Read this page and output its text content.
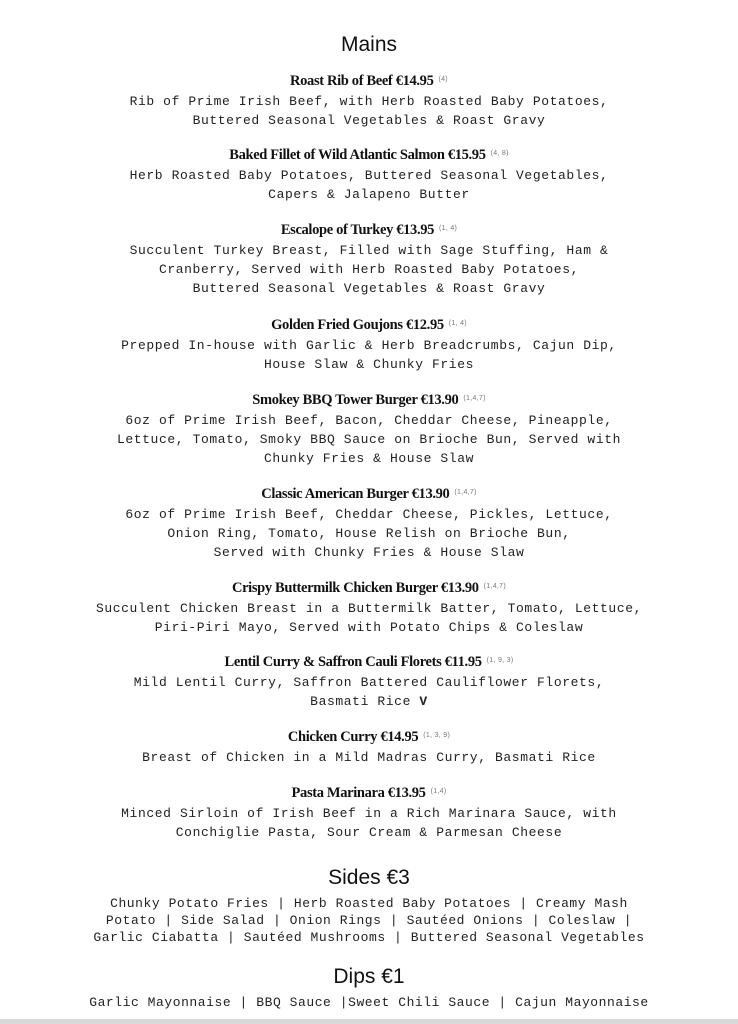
Mains
Roast Rib of Beef €14.95 $^{(4)}$
Rib of Prime Irish Beef, with Herb Roasted Baby Potatoes,
Buttered Seasonal Vegetables & Roast Gravy
Baked Fillet of Wild Atlantic Salmon €15.95 $^{(4, 8)}$
Herb Roasted Baby Potatoes, Buttered Seasonal Vegetables,
Capers & Jalapeno Butter
Escalope of Turkey €13.95 $^{(1, 4)}$
Succulent Turkey Breast, Filled with Sage Stuffing, Ham &
Cranberry, Served with Herb Roasted Baby Potatoes,
Buttered Seasonal Vegetables & Roast Gravy
Golden Fried Goujons €12.95 $^{(1, 4)}$
Prepped In-house with Garlic & Herb Breadcrumbs, Cajun Dip,
House Slaw & Chunky Fries
Smokey BBQ Tower Burger €13.90 $^{(1,4,7)}$
6oz of Prime Irish Beef, Bacon, Cheddar Cheese, Pineapple,
Lettuce, Tomato, Smoky BBQ Sauce on Brioche Bun, Served with
Chunky Fries & House Slaw
Classic American Burger €13.90 $^{(1,4,7)}$
6oz of Prime Irish Beef, Cheddar Cheese, Pickles, Lettuce,
Onion Ring, Tomato, House Relish on Brioche Bun,
Served with Chunky Fries & House Slaw
Crispy Buttermilk Chicken Burger €13.90 $^{(1,4,7)}$
Succulent Chicken Breast in a Buttermilk Batter, Tomato, Lettuce,
Piri-Piri Mayo, Served with Potato Chips & Coleslaw
Lentil Curry & Saffron Cauli Florets €11.95 $^{(1, 9, 3)}$
Mild Lentil Curry, Saffron Battered Cauliflower Florets,
Basmati Rice V
Chicken Curry €14.95 $^{(1, 3, 9)}$
Breast of Chicken in a Mild Madras Curry, Basmati Rice
Pasta Marinara €13.95 $^{(1,4)}$
Minced Sirloin of Irish Beef in a Rich Marinara Sauce, with
Conchiglie Pasta, Sour Cream & Parmesan Cheese
Sides €3
Chunky Potato Fries | Herb Roasted Baby Potatoes | Creamy Mash
Potato | Side Salad | Onion Rings | Sautéed Onions | Coleslaw |
Garlic Ciabatta | Sautéed Mushrooms | Buttered Seasonal Vegetables
Dips €1
Garlic Mayonnaise | BBQ Sauce |Sweet Chili Sauce | Cajun Mayonnaise
